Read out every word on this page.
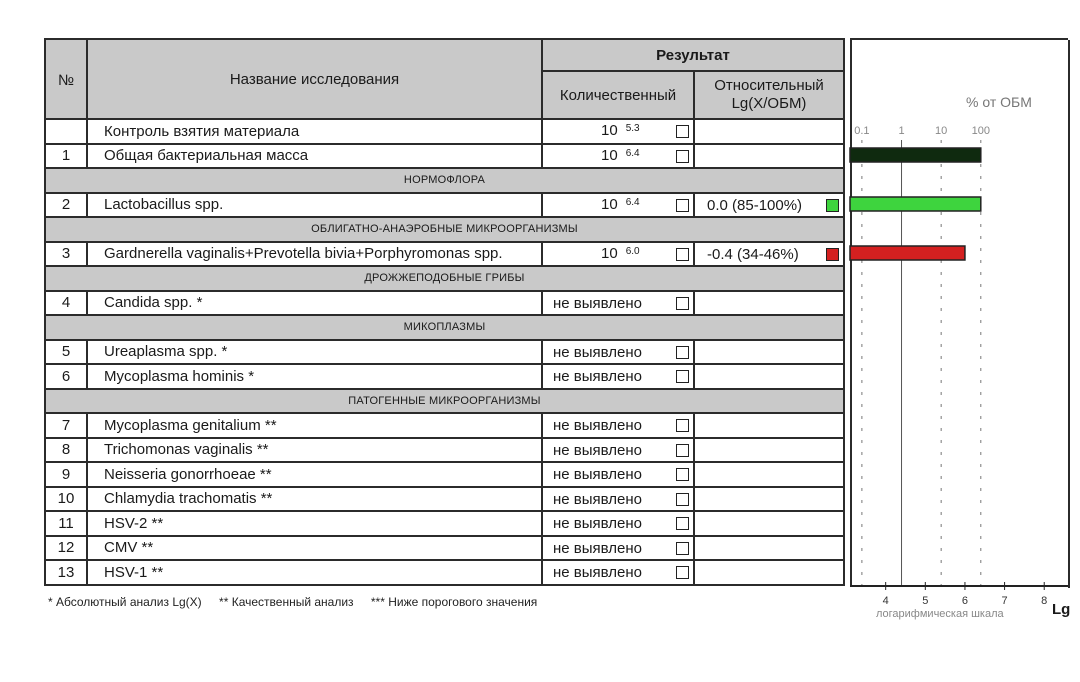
№	Название исследования	Результат	
		Количественный	Относительный
Lg(X/ОБМ)

	Контроль взятия материала	10 $^{5.3}$

1	Общая бактериальная масса	10 $^{6.4}$

НОРМОФЛОРА			
2	Lactobacillus spp.	10 $^{6.4}$	0.0 (85-100%)

ОБЛИГАТНО-АНАЭРОБНЫЕ МИКРООРГАНИЗМЫ			
3	Gardnerella vaginalis+Prevotella bivia+Porphyromonas spp.	10 $^{6.0}$	-0.4 (34-46%)

ДРОЖЖЕПОДОБНЫЕ ГРИБЫ			
4	Candida spp. *	не выявлено	

МИКОПЛАЗМЫ			
5	Ureaplasma spp. *	не выявлено	

6	Mycoplasma hominis *	не выявлено	

ПАТОГЕННЫЕ МИКРООРГАНИЗМЫ			
7	Mycoplasma genitalium **	не выявлено	

8	Trichomonas vaginalis **	не выявлено	

9	Neisseria gonorrhoeae **	не выявлено	

10	Chlamydia trachomatis **	не выявлено	

11	HSV-2 **	не выявлено	

12	CMV **	не выявлено	

13	HSV-1 **	не выявлено	

% от ОБМ
0.1	1	10 100
4	5	6	7	8
* Абсолютный анализ Lg(X) ** Качественный анализ *** Ниже порогового значения
логарифмическая шкала	Lg
